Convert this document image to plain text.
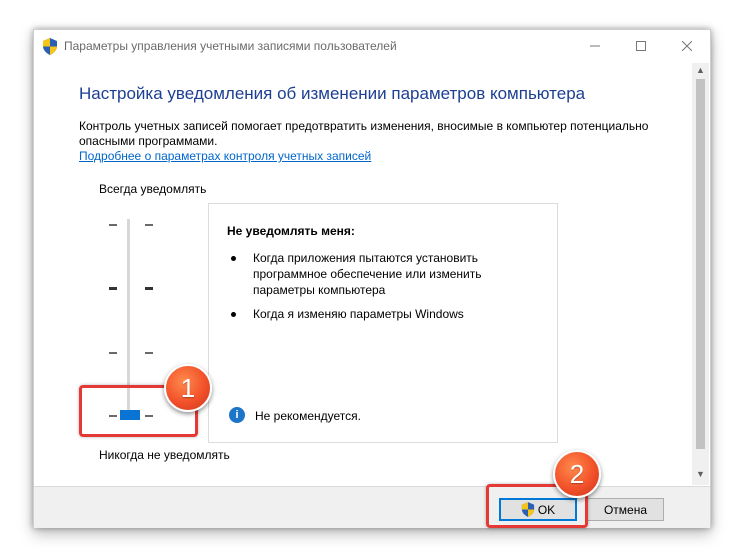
Параметры управления учетными записями пользователей
▲
▼
Настройка уведомления об изменении параметров компьютера
Контроль учетных записей помогает предотвратить изменения, вносимые в компьютер потенциально опасными программами.
Подробнее о параметрах контроля учетных записей
Всегда уведомлять
Никогда не уведомлять
Не уведомлять меня:
Когда приложения пытаются установить программное обеспечение или изменить параметры компьютера
Когда я изменяю параметры Windows
i	Не рекомендуется.
OK	Отмена
1
2
